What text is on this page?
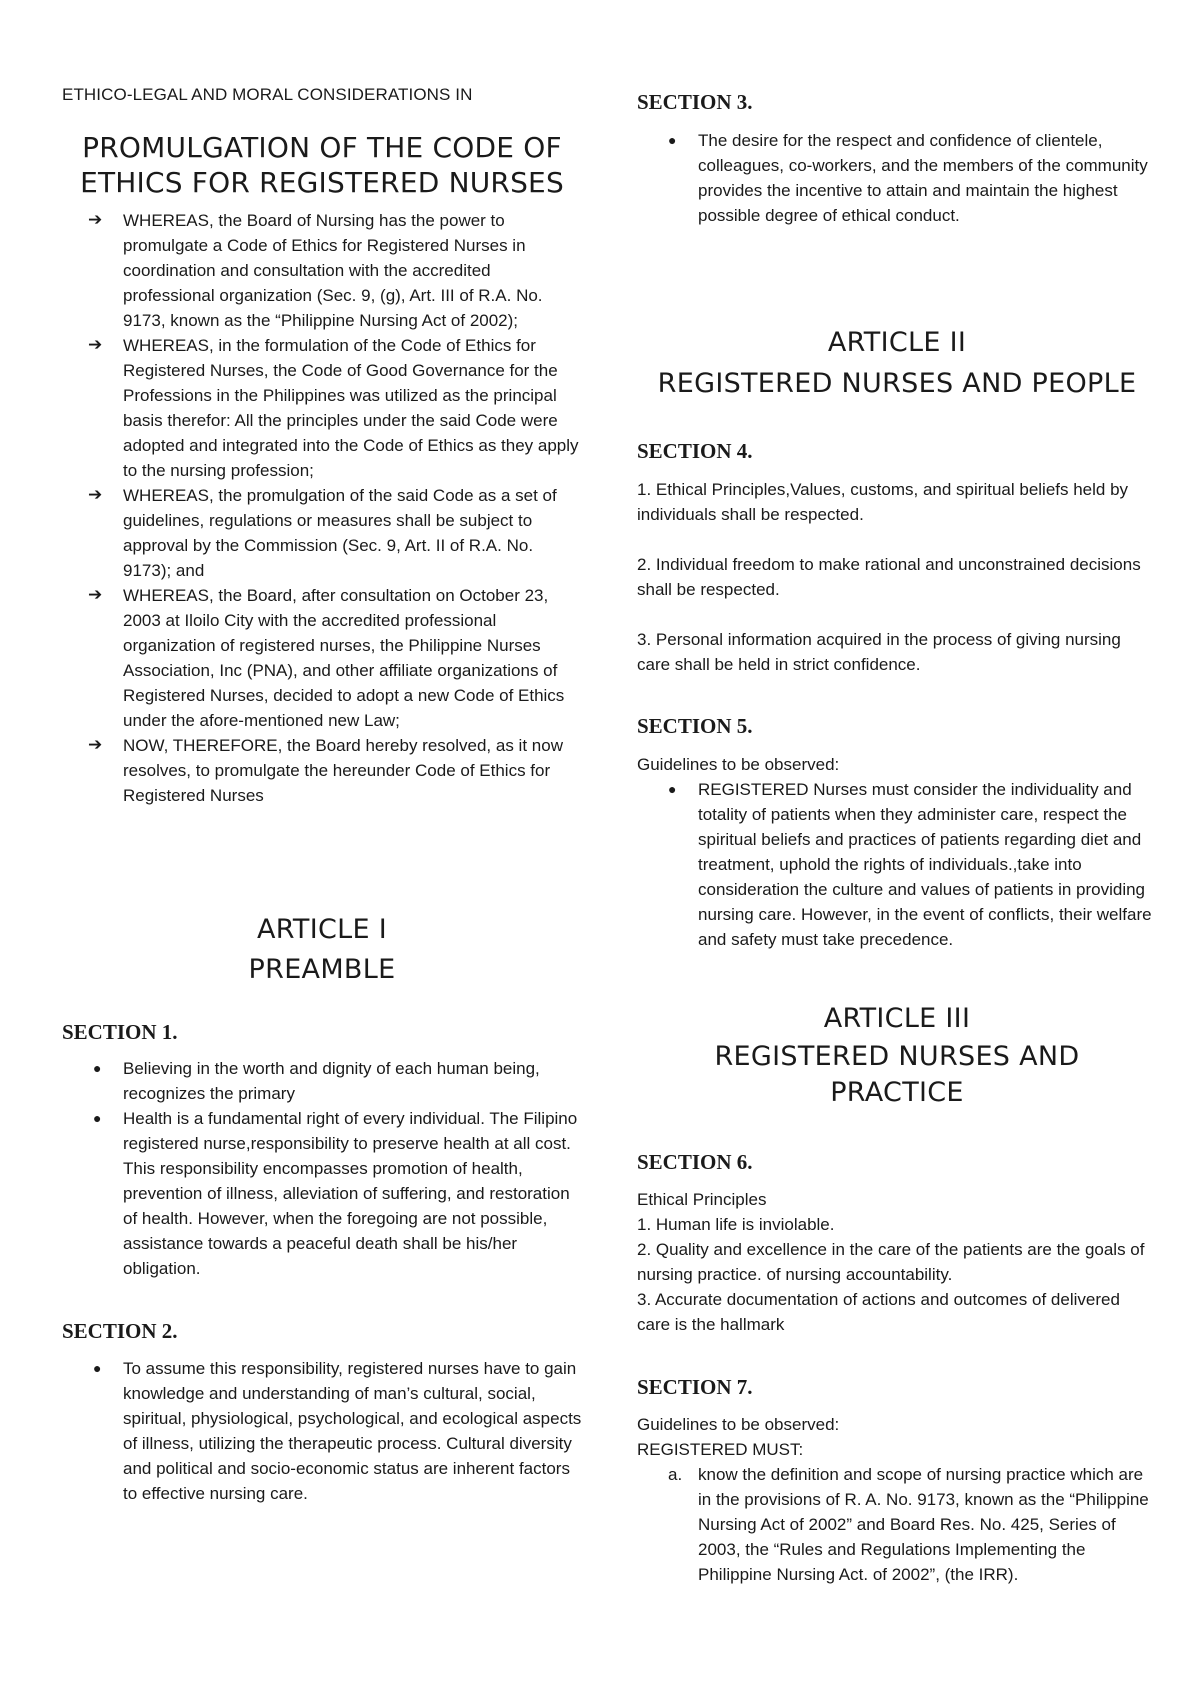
ETHICO-LEGAL AND MORAL CONSIDERATIONS IN
PROMULGATION OF THE CODE OF
ETHICS FOR REGISTERED NURSES
➔ WHEREAS, the Board of Nursing has the power to promulgate a Code of Ethics for Registered Nurses in coordination and consultation with the accredited professional organization (Sec. 9, (g), Art. III of R.A. No. 9173, known as the “Philippine Nursing Act of 2002);
➔ WHEREAS, in the formulation of the Code of Ethics for Registered Nurses, the Code of Good Governance for the Professions in the Philippines was utilized as the principal basis therefor: All the principles under the said Code were adopted and integrated into the Code of Ethics as they apply to the nursing profession;
➔ WHEREAS, the promulgation of the said Code as a set of guidelines, regulations or measures shall be subject to approval by the Commission (Sec. 9, Art. II of R.A. No. 9173); and
➔ WHEREAS, the Board, after consultation on October 23, 2003 at Iloilo City with the accredited professional organization of registered nurses, the Philippine Nurses Association, Inc (PNA), and other affiliate organizations of Registered Nurses, decided to adopt a new Code of Ethics under the afore-mentioned new Law;
➔ NOW, THEREFORE, the Board hereby resolved, as it now resolves, to promulgate the hereunder Code of Ethics for Registered Nurses
ARTICLE I
PREAMBLE
SECTION 1.
● Believing in the worth and dignity of each human being, recognizes the primary
● Health is a fundamental right of every individual. The Filipino registered nurse,responsibility to preserve health at all cost. This responsibility encompasses promotion of health, prevention of illness, alleviation of suffering, and restoration of health. However, when the foregoing are not possible, assistance towards a peaceful death shall be his/her obligation.
SECTION 2.
● To assume this responsibility, registered nurses have to gain knowledge and understanding of man’s cultural, social, spiritual, physiological, psychological, and ecological aspects of illness, utilizing the therapeutic process. Cultural diversity and political and socio-economic status are inherent factors to effective nursing care.
SECTION 3.
● The desire for the respect and confidence of clientele, colleagues, co-workers, and the members of the community provides the incentive to attain and maintain the highest possible degree of ethical conduct.
ARTICLE II
REGISTERED NURSES AND PEOPLE
SECTION 4.

1. Ethical Principles,Values, customs, and spiritual beliefs held by individuals shall be respected.

2. Individual freedom to make rational and unconstrained decisions shall be respected.

3. Personal information acquired in the process of giving nursing care shall be held in strict confidence.

SECTION 5.

Guidelines to be observed:

● REGISTERED Nurses must consider the individuality and totality of patients when they administer care, respect the spiritual beliefs and practices of patients regarding diet and treatment, uphold the rights of individuals.,take into consideration the culture and values of patients in providing nursing care. However, in the event of conflicts, their welfare and safety must take precedence.
ARTICLE III
REGISTERED NURSES AND
PRACTICE
SECTION 6.

Ethical Principles

1. Human life is inviolable.

2. Quality and excellence in the care of the patients are the goals of nursing practice. of nursing accountability.

3. Accurate documentation of actions and outcomes of delivered care is the hallmark

SECTION 7.

Guidelines to be observed:

REGISTERED MUST:

a. know the definition and scope of nursing practice which are in the provisions of R. A. No. 9173, known as the “Philippine Nursing Act of 2002” and Board Res. No. 425, Series of 2003, the “Rules and Regulations Implementing the Philippine Nursing Act. of 2002”, (the IRR).
